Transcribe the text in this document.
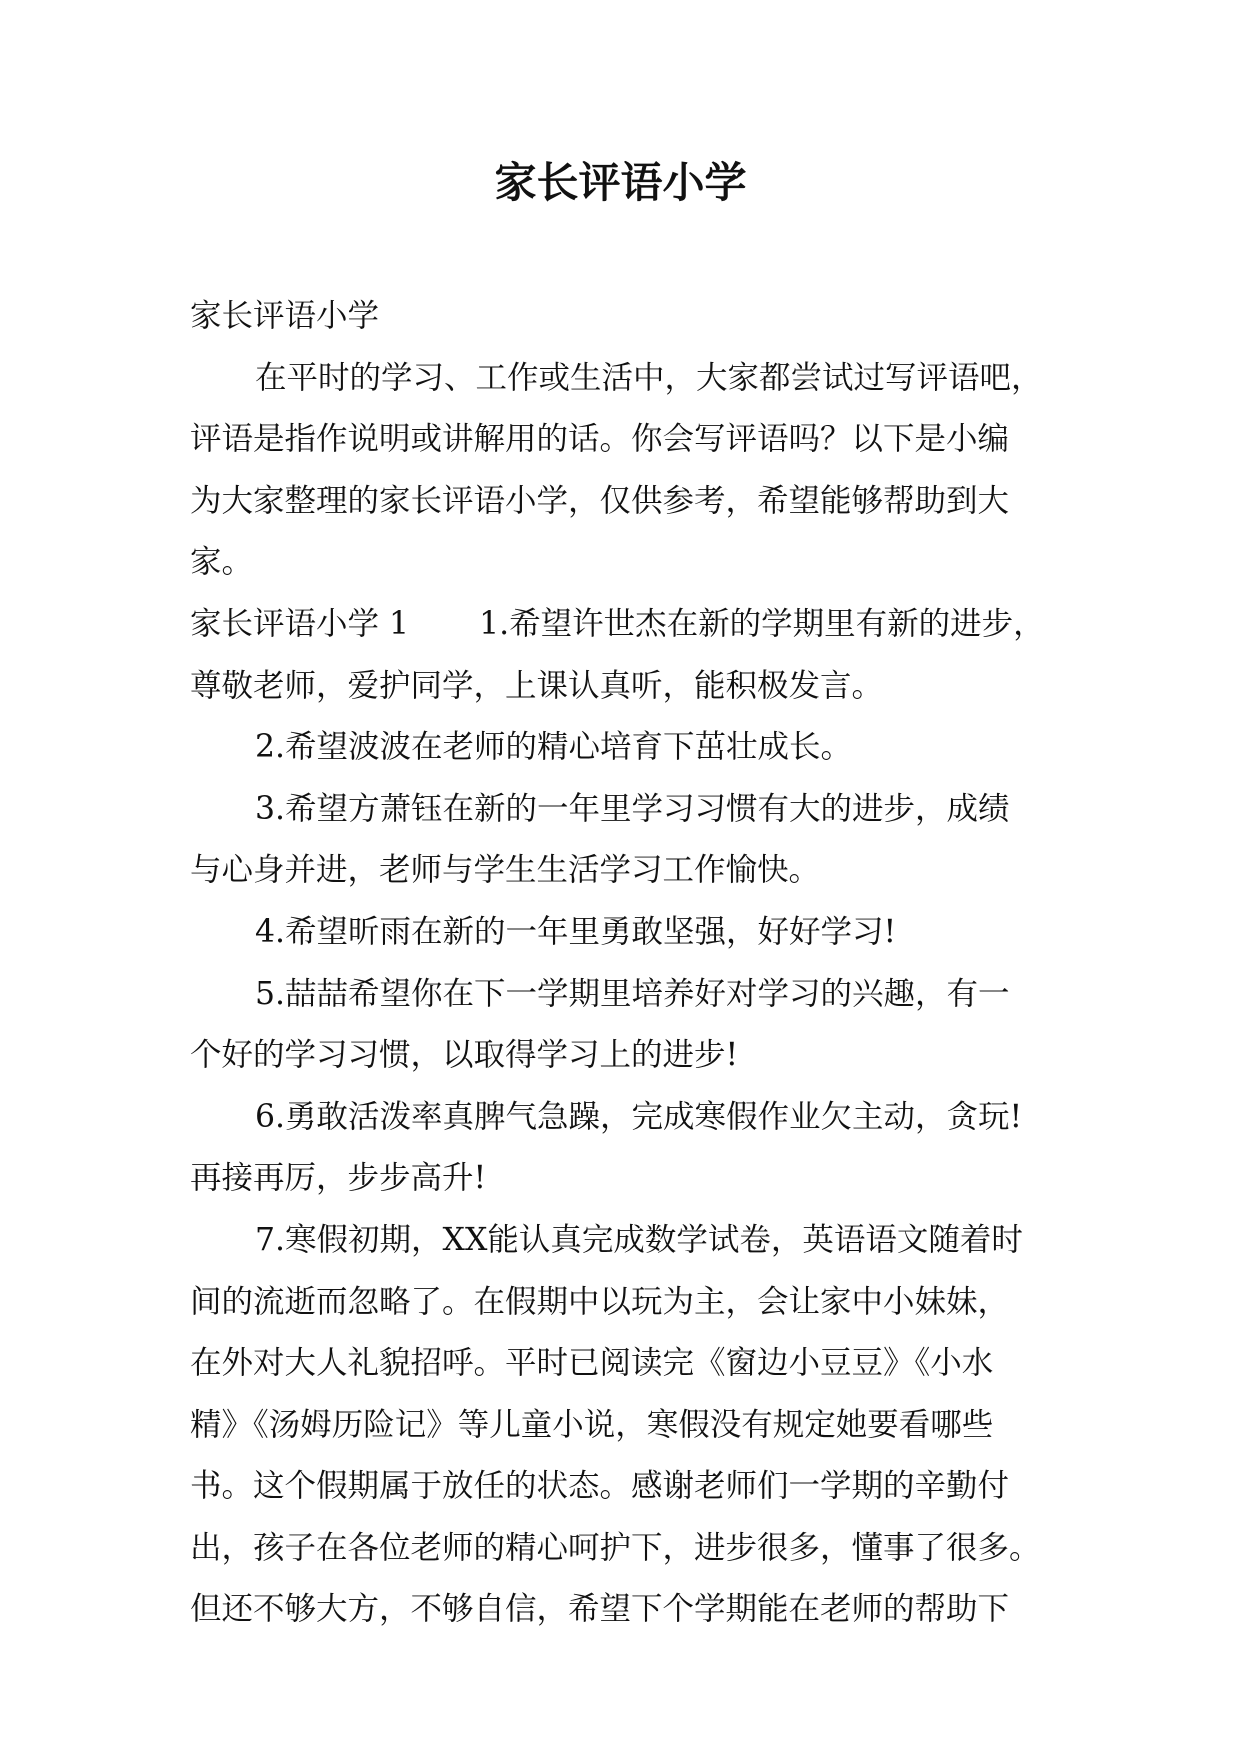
家长评语小学
家长评语小学
在平时的学习、工作或生活中，大家都尝试过写评语吧，
评语是指作说明或讲解用的话。你会写评语吗？以下是小编
为大家整理的家长评语小学，仅供参考，希望能够帮助到大
家。
家长评语小学 1 1.希望许世杰在新的学期里有新的进步，
尊敬老师，爱护同学，上课认真听，能积极发言。
2.希望波波在老师的精心培育下茁壮成长。
3.希望方萧钰在新的一年里学习习惯有大的进步，成绩
与心身并进，老师与学生生活学习工作愉快。
4.希望昕雨在新的一年里勇敢坚强，好好学习!
5.喆喆希望你在下一学期里培养好对学习的兴趣，有一
个好的学习习惯，以取得学习上的进步!
6.勇敢活泼率真脾气急躁，完成寒假作业欠主动，贪玩!
再接再厉，步步高升!
7.寒假初期，XX能认真完成数学试卷，英语语文随着时
间的流逝而忽略了。在假期中以玩为主，会让家中小妹妹，
在外对大人礼貌招呼。平时已阅读完《窗边小豆豆》《小水
精》《汤姆历险记》等儿童小说，寒假没有规定她要看哪些
书。这个假期属于放任的状态。感谢老师们一学期的辛勤付
出，孩子在各位老师的精心呵护下，进步很多，懂事了很多。
但还不够大方，不够自信，希望下个学期能在老师的帮助下
